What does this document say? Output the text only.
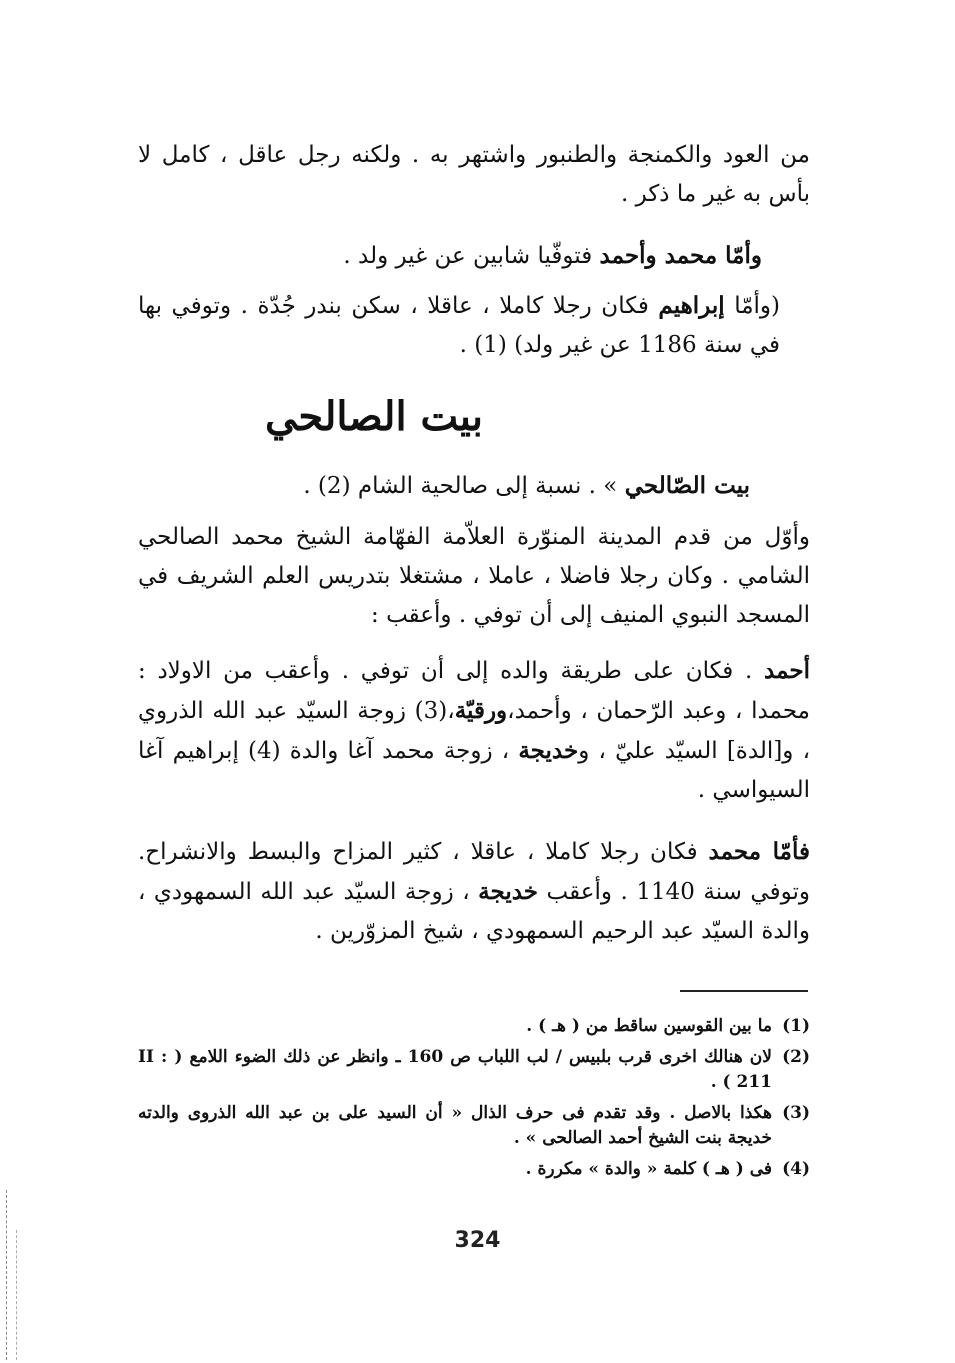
من العود والكمنجة والطنبور واشتهر به . ولكنه رجل عاقل ، كامل لا بأس به غير ما ذكر .

وأمّا محمد وأحمد فتوفّيا شابين عن غير ولد .

(وأمّا إبراهيم فكان رجلا كاملا ، عاقلا ، سكن بندر جُدّة . وتوفي بها في سنة 1186 عن غير ولد) (1) .

بيت الصالحي

بيت الصّالحي » . نسبة إلى صالحية الشام (2) .

وأوّل من قدم المدينة المنوّرة العلاّمة الفهّامة الشيخ محمد الصالحي الشامي . وكان رجلا فاضلا ، عاملا ، مشتغلا بتدريس العلم الشريف في المسجد النبوي المنيف إلى أن توفي . وأعقب :

أحمد . فكان على طريقة والده إلى أن توفي . وأعقب من الاولاد : محمدا ، وعبد الرّحمان ، وأحمد،ورقيّة،(3) زوجة السيّد عبد الله الذروي ، و[الدة] السيّد عليّ ، وخديجة ، زوجة محمد آغا والدة (4) إبراهيم آغا السيواسي .

فأمّا محمد فكان رجلا كاملا ، عاقلا ، كثير المزاح والبسط والانشراح. وتوفي سنة 1140 . وأعقب خديجة ، زوجة السيّد عبد الله السمهودي ، والدة السيّد عبد الرحيم السمهودي ، شيخ المزوّرين .

(1)
ما بين القوسين ساقط من ( هـ ) .
(2)
لان هنالك اخرى قرب بلبيس / لب اللباب ص 160 ـ وانظر عن ذلك الضوء اللامع ( II : 211 ) .
(3)
هكذا بالاصل . وقد تقدم فى حرف الذال « أن السيد على بن عبد الله الذروى والدته خديجة بنت الشيخ أحمد الصالحى » .
(4)
فى ( هـ ) كلمة « والدة » مكررة .
324
